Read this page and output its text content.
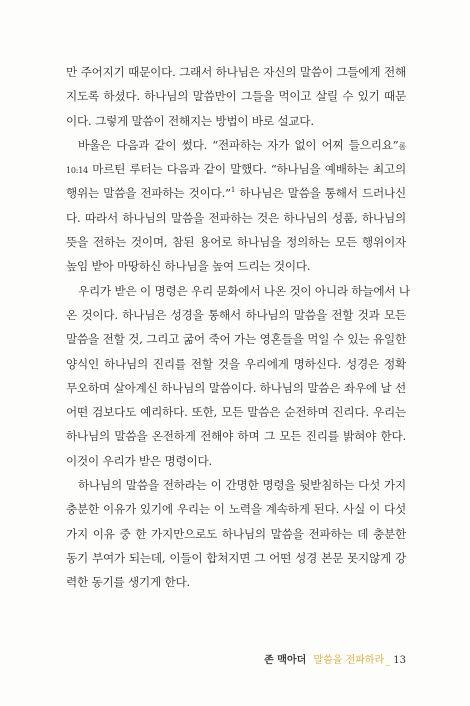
만 주어지기 때문이다. 그래서 하나님은 자신의 말씀이 그들에게 전해
지도록 하셨다. 하나님의 말씀만이 그들을 먹이고 살릴 수 있기 때문
이다. 그렇게 말씀이 전해지는 방법이 바로 설교다.
바울은 다음과 같이 썼다. “전파하는 자가 없이 어찌 들으리요”롬
10:14 마르틴 루터는 다음과 같이 말했다. “하나님을 예배하는 최고의
행위는 말씀을 전파하는 것이다.”$^1$ 하나님은 말씀을 통해서 드러나신
다. 따라서 하나님의 말씀을 전파하는 것은 하나님의 성품, 하나님의
뜻을 전하는 것이며, 참된 용어로 하나님을 정의하는 모든 행위이자
높임 받아 마땅하신 하나님을 높여 드리는 것이다.
우리가 받은 이 명령은 우리 문화에서 나온 것이 아니라 하늘에서 나
온 것이다. 하나님은 성경을 통해서 하나님의 말씀을 전할 것과 모든
말씀을 전할 것, 그리고 굶어 죽어 가는 영혼들을 먹일 수 있는 유일한
양식인 하나님의 진리를 전할 것을 우리에게 명하신다. 성경은 정확
무오하며 살아계신 하나님의 말씀이다. 하나님의 말씀은 좌우에 날 선
어떤 검보다도 예리하다. 또한, 모든 말씀은 순전하며 진리다. 우리는
하나님의 말씀을 온전하게 전해야 하며 그 모든 진리를 밝혀야 한다.
이것이 우리가 받은 명령이다.
하나님의 말씀을 전하라는 이 간명한 명령을 뒷받침하는 다섯 가지
충분한 이유가 있기에 우리는 이 노력을 계속하게 된다. 사실 이 다섯
가지 이유 중 한 가지만으로도 하나님의 말씀을 전파하는 데 충분한
동기 부여가 되는데, 이들이 합쳐지면 그 어떤 성경 본문 못지않게 강
력한 동기를 생기게 한다.
존 맥아더 말씀을 전파하라_ 13
